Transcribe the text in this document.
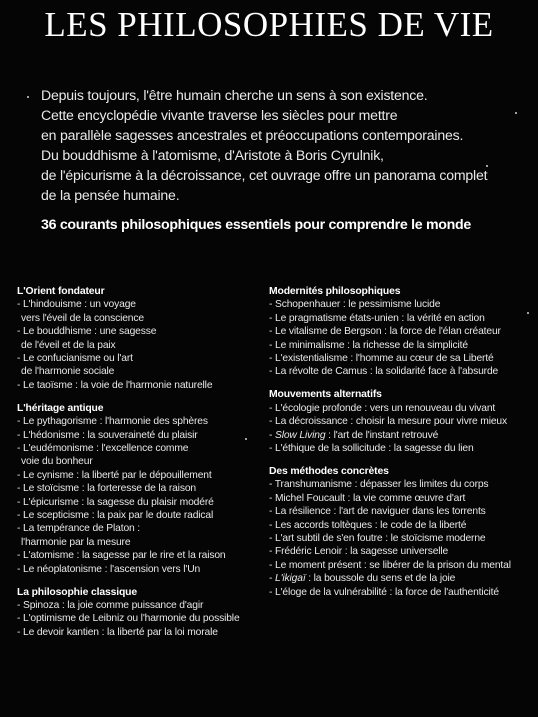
LES PHILOSOPHIES DE VIE
Depuis toujours, l'être humain cherche un sens à son existence.
Cette encyclopédie vivante traverse les siècles pour mettre
en parallèle sagesses ancestrales et préoccupations contemporaines.
Du bouddhisme à l'atomisme, d'Aristote à Boris Cyrulnik,
de l'épicurisme à la décroissance, cet ouvrage offre un panorama complet
de la pensée humaine.
36 courants philosophiques essentiels pour comprendre le monde
L'Orient fondateur
- L'hindouisme : un voyage
vers l'éveil de la conscience
- Le bouddhisme : une sagesse
de l'éveil et de la paix
- Le confucianisme ou l'art
de l'harmonie sociale
- Le taoïsme : la voie de l'harmonie naturelle
L'héritage antique
- Le pythagorisme : l'harmonie des sphères
- L'hédonisme : la souveraineté du plaisir
- L'eudémonisme : l'excellence comme
voie du bonheur
- Le cynisme : la liberté par le dépouillement
- Le stoïcisme : la forteresse de la raison
- L'épicurisme : la sagesse du plaisir modéré
- Le scepticisme : la paix par le doute radical
- La tempérance de Platon :
l'harmonie par la mesure
- L'atomisme : la sagesse par le rire et la raison
- Le néoplatonisme : l'ascension vers l'Un
La philosophie classique
- Spinoza : la joie comme puissance d'agir
- L'optimisme de Leibniz ou l'harmonie du possible
- Le devoir kantien : la liberté par la loi morale
Modernités philosophiques
- Schopenhauer : le pessimisme lucide
- Le pragmatisme états-unien : la vérité en action
- Le vitalisme de Bergson : la force de l'élan créateur
- Le minimalisme : la richesse de la simplicité
- L'existentialisme : l'homme au cœur de sa Liberté
- La révolte de Camus : la solidarité face à l'absurde
Mouvements alternatifs
- L'écologie profonde : vers un renouveau du vivant
- La décroissance : choisir la mesure pour vivre mieux
- Slow Living : l'art de l'instant retrouvé
- L'éthique de la sollicitude : la sagesse du lien
Des méthodes concrètes
- Transhumanisme : dépasser les limites du corps
- Michel Foucault : la vie comme œuvre d'art
- La résilience : l'art de naviguer dans les torrents
- Les accords toltèques : le code de la liberté
- L'art subtil de s'en foutre : le stoïcisme moderne
- Frédéric Lenoir : la sagesse universelle
- Le moment présent : se libérer de la prison du mental
- L'ikigaï : la boussole du sens et de la joie
- L'éloge de la vulnérabilité : la force de l'authenticité
